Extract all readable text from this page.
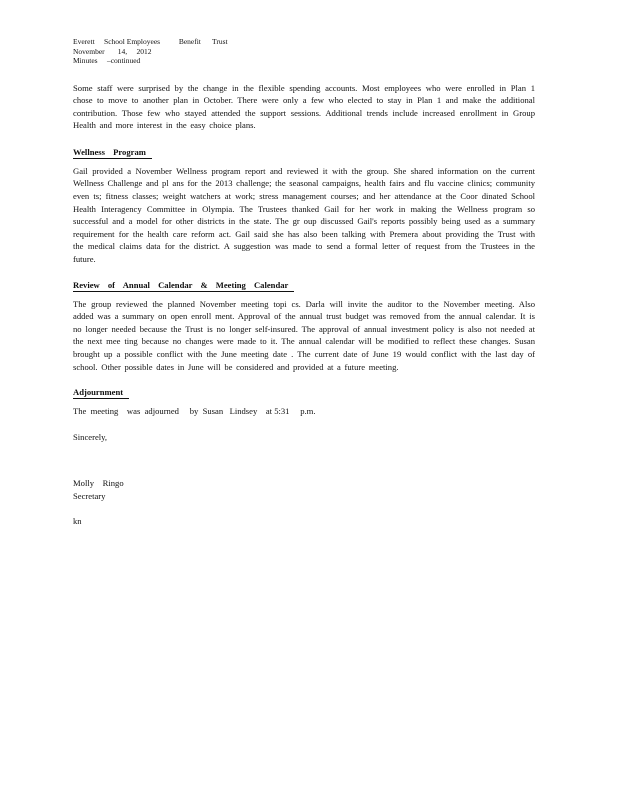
Everett     School Employees          Benefit      Trust

November       14,     2012

Minutes     –continued

Some staff were surprised by the change in the flexible spending accounts. Most employees who were enrolled in Plan 1 chose to move to another plan in October. There were only a few who elected to stay in Plan 1 and make the additional contribution. Those few who stayed attended the support sessions. Additional trends include increased enrollment in Group Health and more interest in the easy choice plans.

Wellness Program

Gail provided a November Wellness program report and reviewed it with the group. She shared information on the current Wellness Challenge and pl ans for the 2013 challenge; the seasonal campaigns, health fairs and flu vaccine clinics; community even ts; fitness classes; weight watchers at work; stress management courses; and her attendance at the Coor dinated School Health Interagency Committee in Olympia. The Trustees thanked Gail for her work in making the Wellness program so successful and a model for other districts in the state. The gr oup discussed Gail's reports possibly being used as a summary requirement for the health care reform act. Gail said she has also been talking with Premera about providing the Trust with the medical claims data for the district. A suggestion was made to send a formal letter of request from the Trustees in the future.

Review of Annual Calendar & Meeting Calendar

The group reviewed the planned November meeting topi cs. Darla will invite the auditor to the November meeting. Also added was a summary on open enroll ment. Approval of the annual trust budget was removed from the annual calendar. It is no longer needed because the Trust is no longer self-insured. The approval of annual investment policy is also not needed at the next mee ting because no changes were made to it. The annual calendar will be modified to reflect these changes. Susan brought up a possible conflict with the June meeting date . The current date of June 19 would conflict with the last day of school. Other possible dates in June will be considered and provided at a future meeting.

Adjournment

The  meeting    was  adjourned     by  Susan   Lindsey    at 5:31     p.m.

Sincerely,

Molly    Ringo

Secretary

kn
